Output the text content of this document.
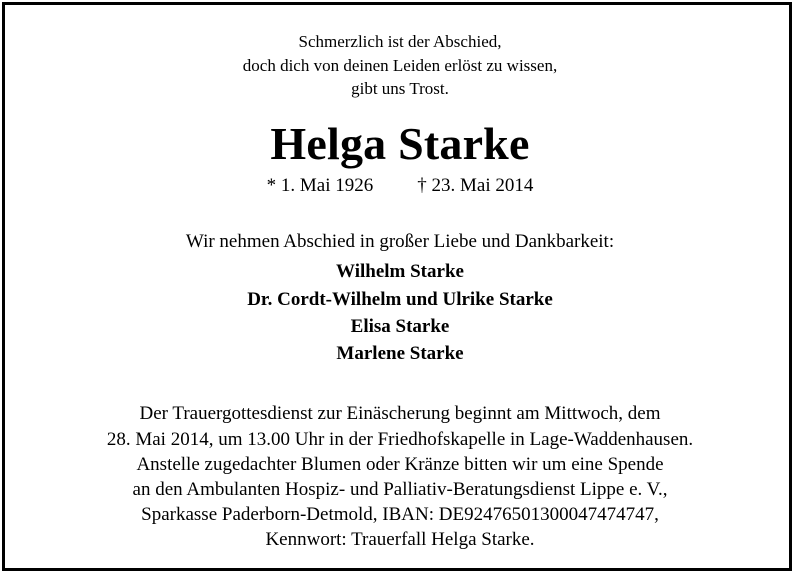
Schmerzlich ist der Abschied,
doch dich von deinen Leiden erlöst zu wissen,
gibt uns Trost.
Helga Starke
* 1. Mai 1926 † 23. Mai 2014
Wir nehmen Abschied in großer Liebe und Dankbarkeit:
Wilhelm Starke
Dr. Cordt-Wilhelm und Ulrike Starke
Elisa Starke
Marlene Starke
Der Trauergottesdienst zur Einäscherung beginnt am Mittwoch, dem
28. Mai 2014, um 13.00 Uhr in der Friedhofskapelle in Lage-Waddenhausen.
Anstelle zugedachter Blumen oder Kränze bitten wir um eine Spende
an den Ambulanten Hospiz- und Palliativ-Beratungsdienst Lippe e. V.,
Sparkasse Paderborn-Detmold, IBAN: DE92476501300047474747,
Kennwort: Trauerfall Helga Starke.
